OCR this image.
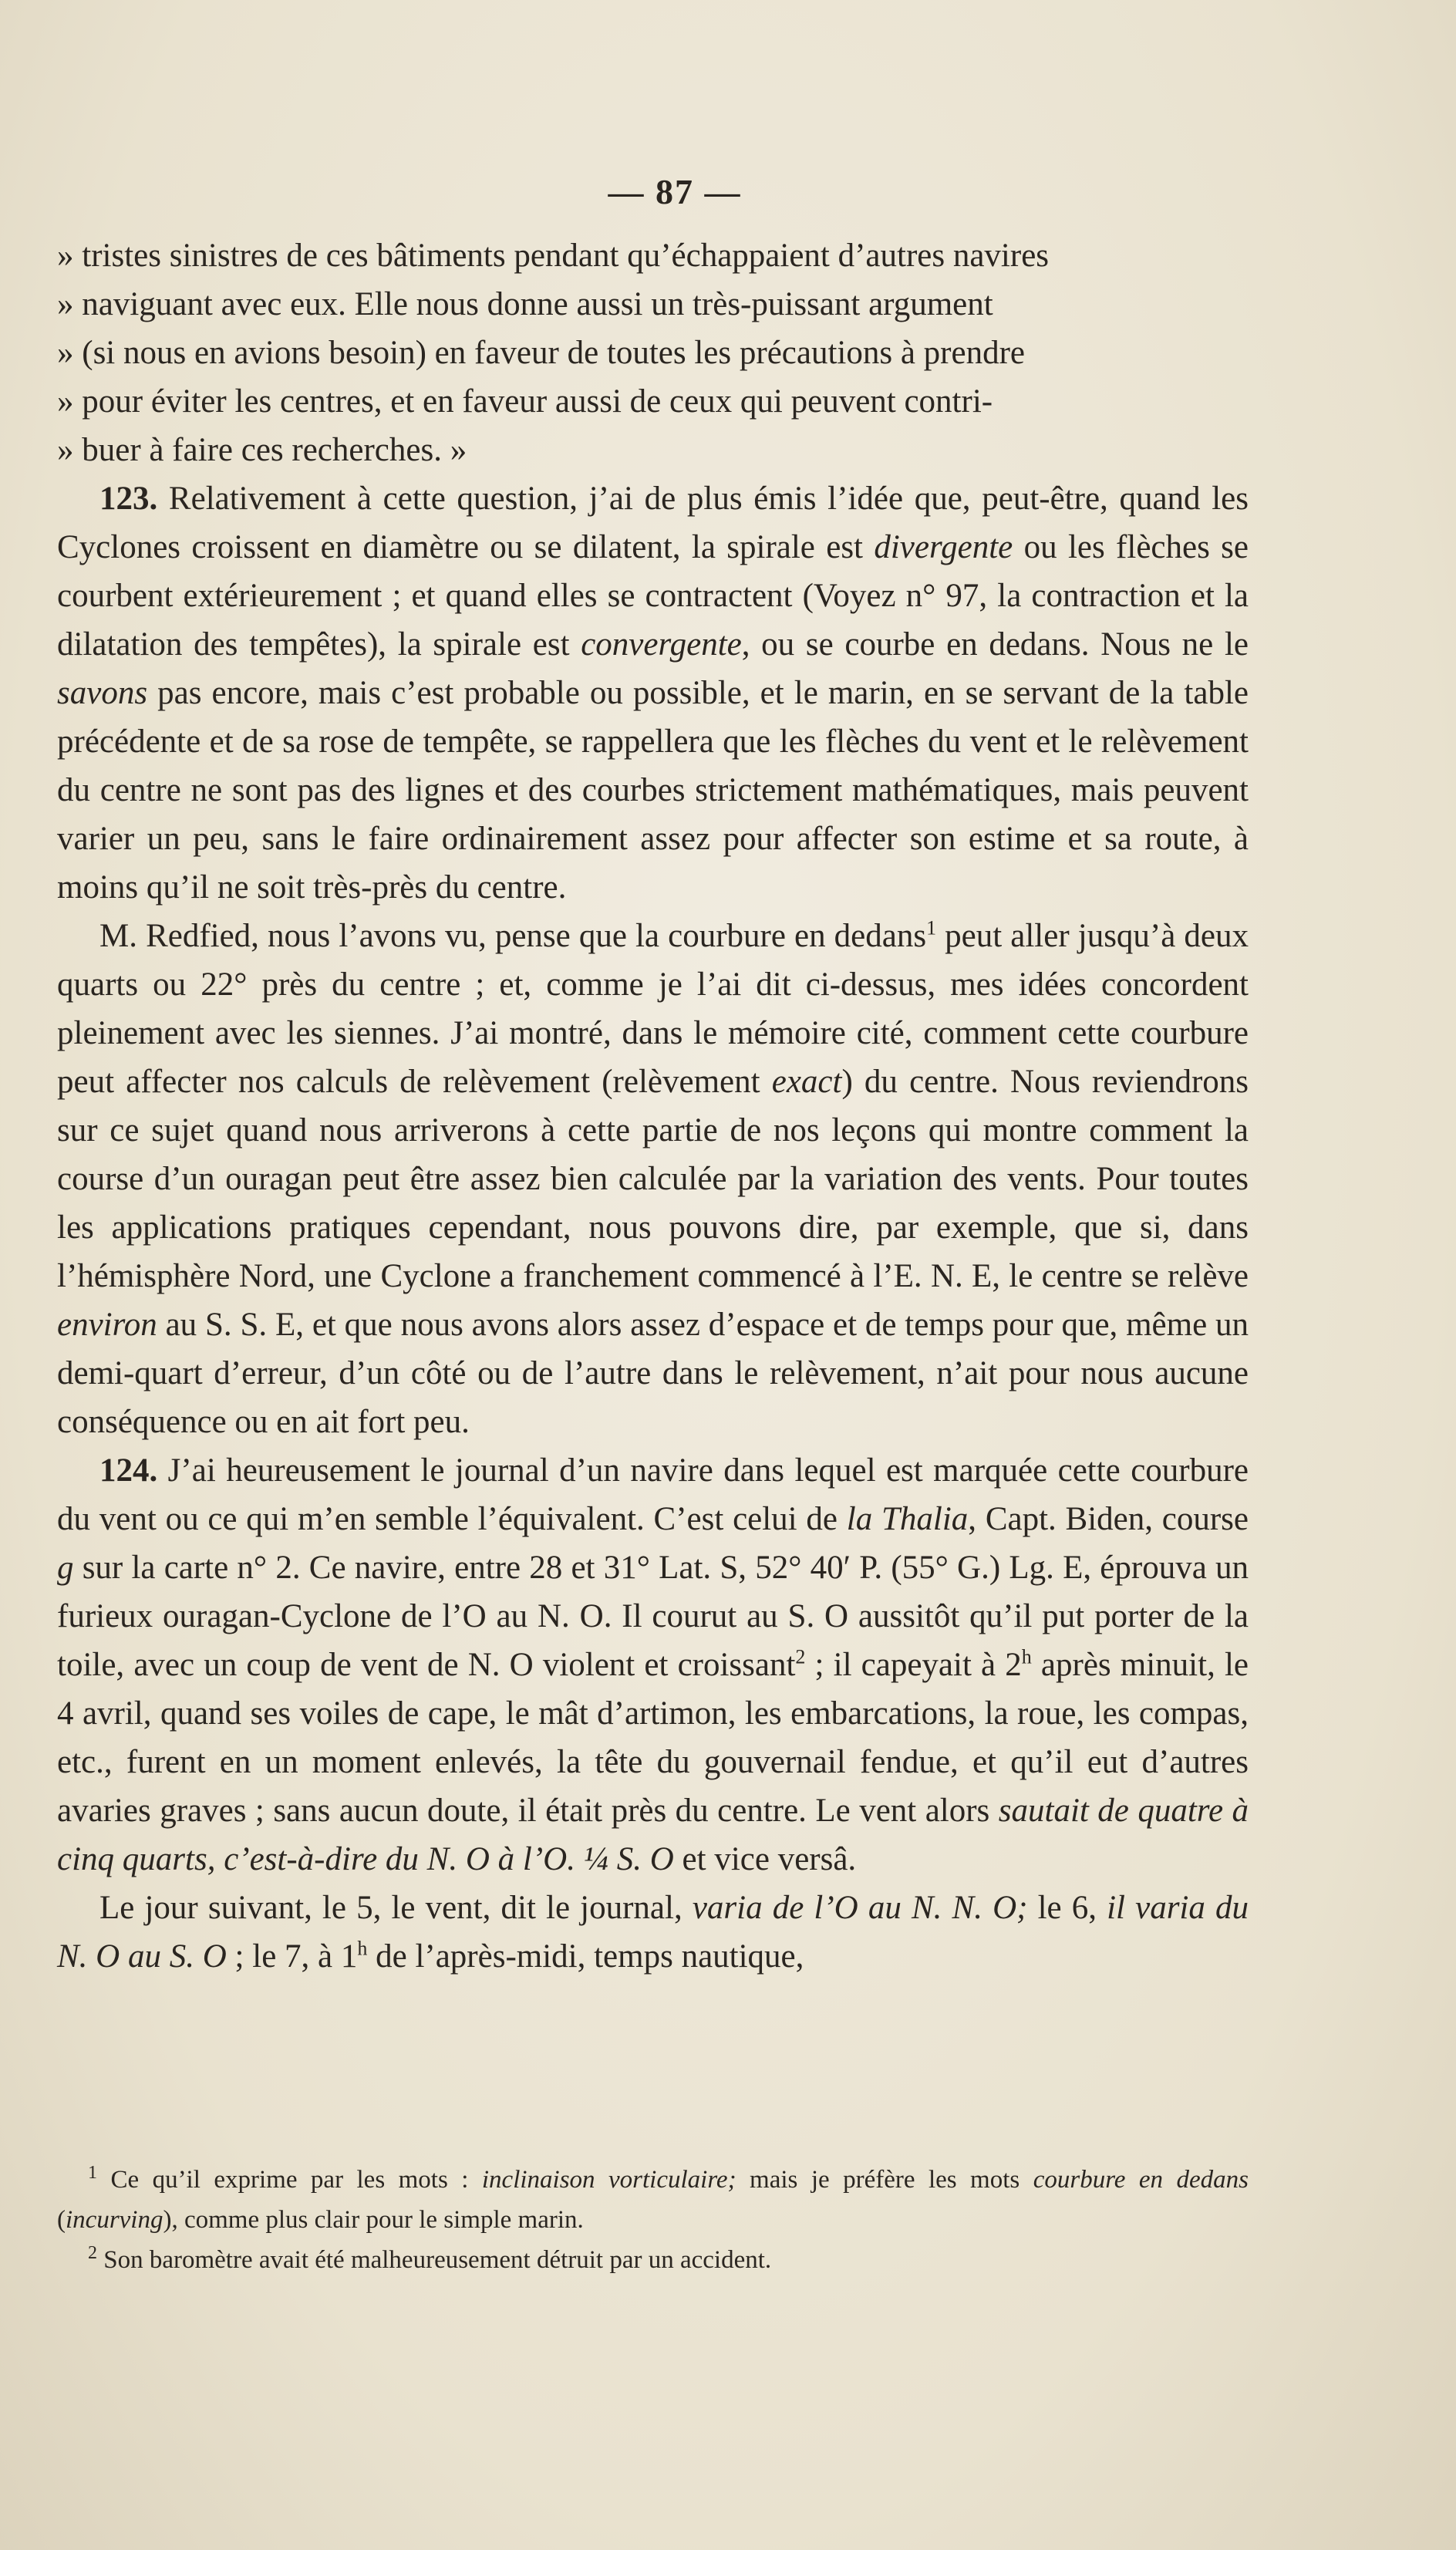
— 87 —

» tristes sinistres de ces bâtiments pendant qu’échappaient d’autres navires
» naviguant avec eux. Elle nous donne aussi un très-puissant argument
» (si nous en avions besoin) en faveur de toutes les précautions à prendre
» pour éviter les centres, et en faveur aussi de ceux qui peuvent contri-
» buer à faire ces recherches. »

123. Relativement à cette question, j’ai de plus émis l’idée que, peut-être, quand les Cyclones croissent en diamètre ou se dilatent, la spirale est divergente ou les flèches se courbent extérieurement ; et quand elles se contractent (Voyez n° 97, la contraction et la dilatation des tempêtes), la spirale est convergente, ou se courbe en dedans. Nous ne le savons pas encore, mais c’est probable ou possible, et le marin, en se servant de la table précédente et de sa rose de tempête, se rappellera que les flèches du vent et le relèvement du centre ne sont pas des lignes et des courbes strictement mathématiques, mais peuvent varier un peu, sans le faire ordinairement assez pour affecter son estime et sa route, à moins qu’il ne soit très-près du centre.

M. Redfied, nous l’avons vu, pense que la courbure en dedans$^1$ peut aller jusqu’à deux quarts ou 22° près du centre ; et, comme je l’ai dit ci-dessus, mes idées concordent pleinement avec les siennes. J’ai montré, dans le mémoire cité, comment cette courbure peut affecter nos calculs de relèvement (relèvement exact) du centre. Nous reviendrons sur ce sujet quand nous arriverons à cette partie de nos leçons qui montre comment la course d’un ouragan peut être assez bien calculée par la variation des vents. Pour toutes les applications pratiques cependant, nous pouvons dire, par exemple, que si, dans l’hémisphère Nord, une Cyclone a franchement commencé à l’E. N. E, le centre se relève environ au S. S. E, et que nous avons alors assez d’espace et de temps pour que, même un demi-quart d’erreur, d’un côté ou de l’autre dans le relèvement, n’ait pour nous aucune conséquence ou en ait fort peu.

124. J’ai heureusement le journal d’un navire dans lequel est marquée cette courbure du vent ou ce qui m’en semble l’équivalent. C’est celui de la Thalia, Capt. Biden, course g sur la carte n° 2. Ce navire, entre 28 et 31° Lat. S, 52° 40′ P. (55° G.) Lg. E, éprouva un furieux ouragan-Cyclone de l’O au N. O. Il courut au S. O aussitôt qu’il put porter de la toile, avec un coup de vent de N. O violent et croissant$^2$ ; il capeyait à 2$^h$ après minuit, le 4 avril, quand ses voiles de cape, le mât d’artimon, les embarcations, la roue, les compas, etc., furent en un moment enlevés, la tête du gouvernail fendue, et qu’il eut d’autres avaries graves ; sans aucun doute, il était près du centre. Le vent alors sautait de quatre à cinq quarts, c’est-à-dire du N. O à l’O. ¼ S. O et vice versâ.

Le jour suivant, le 5, le vent, dit le journal, varia de l’O au N. N. O; le 6, il varia du N. O au S. O ; le 7, à 1$^h$ de l’après-midi, temps nautique,

$^1$ Ce qu’il exprime par les mots : inclinaison vorticulaire; mais je préfère les mots courbure en dedans (incurving), comme plus clair pour le simple marin.

$^2$ Son baromètre avait été malheureusement détruit par un accident.
